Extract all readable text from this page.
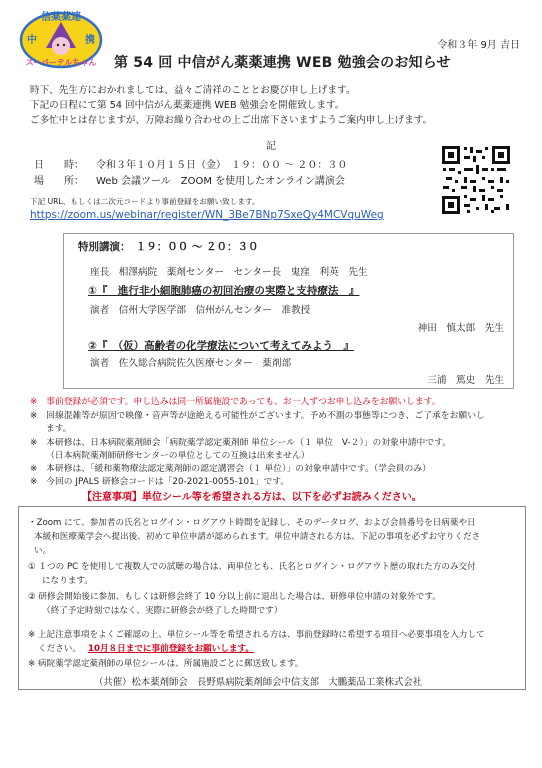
信薬薬連
中	携
スーパーテルちゃん
令和３年 9月 吉日
第 54 回 中信がん薬薬連携 WEB 勉強会のお知らせ
時下、先生方におかれましては、益々ご清祥のこととお慶び申し上げます。
下記の日程にて第 54 回中信がん薬薬連携 WEB 勉強会を開催致します。
ご多忙中とは存じますが、万障お繰り合わせの上ご出席下さいますようご案内申し上げます。
記
日　　時： 令和３年１０月１５日（金）　１９：００ ～ ２０：３０
場　　所： Web 会議ツール　ZOOM を使用したオンライン講演会
下記 URL、もしくは二次元コードより事前登録をお願い致します。
https://zoom.us/webinar/register/WN_3Be7BNp7SxeQy4MCVquWeg
特別講演：　１９：００ ～ ２０：３０
座長　相澤病院　薬剤センター　センター長　鬼窪　利英　先生
①『　進行非小細胞肺癌の初回治療の実際と支持療法　』
演者　信州大学医学部　信州がんセンター　准教授
神田　慎太郎　先生
②『　（仮）高齢者の化学療法について考えてみよう　』
演者　佐久総合病院佐久医療センター　薬剤部
三浦　篤史　先生
※　事前登録が必須です。申し込みは同一所属施設であっても、お一人ずつお申し込みをお願いします。
※　回線混雑等が原因で映像・音声等が途絶える可能性がございます。予め不測の事態等につき、ご了承をお願いし
ます。
※　本研修は、日本病院薬剤師会「病院薬学認定薬剤師 単位シール（１ 単位　V-２）」の対象申請中です。
（日本病院薬剤師研修センターの単位としての互換は出来ません）
※　本研修は、「緩和薬物療法認定薬剤師の認定講習会（１ 単位）」の対象申請中です。（学会員のみ）
※　今回の JPALS 研修会コードは「20-2021-0055-101」です。
【注意事項】単位シール等を希望される方は、以下を必ずお読みください。
・Zoom にて、参加者の氏名とログイン・ログアウト時間を記録し、そのデータログ、および会員番号を日病薬や日
本緩和医療薬学会へ提出後、初めて単位申請が認められます。単位申請される方は、下記の事項を必ずお守りくださ
い。
① １つの PC を使用して複数人での試聴の場合は、両単位とも、氏名とログイン・ログアウト歴の取れた方のみ交付
になります。
② 研修会開始後に参加、もしくは研修会終了 10 分以上前に退出した場合は、研修単位申請の対象外です。
（終了予定時刻ではなく、実際に研修会が終了した時間です）
※ 上記注意事項をよくご確認の上、単位シール等を希望される方は、事前登録時に希望する項目へ必要事項を入力して
ください。 10月８日までに事前登録をお願いします。
※ 病院薬学認定薬剤師の単位シールは、所属施設ごとに郵送致します。
（共催）松本薬剤師会　長野県病院薬剤師会中信支部　大鵬薬品工業株式会社
